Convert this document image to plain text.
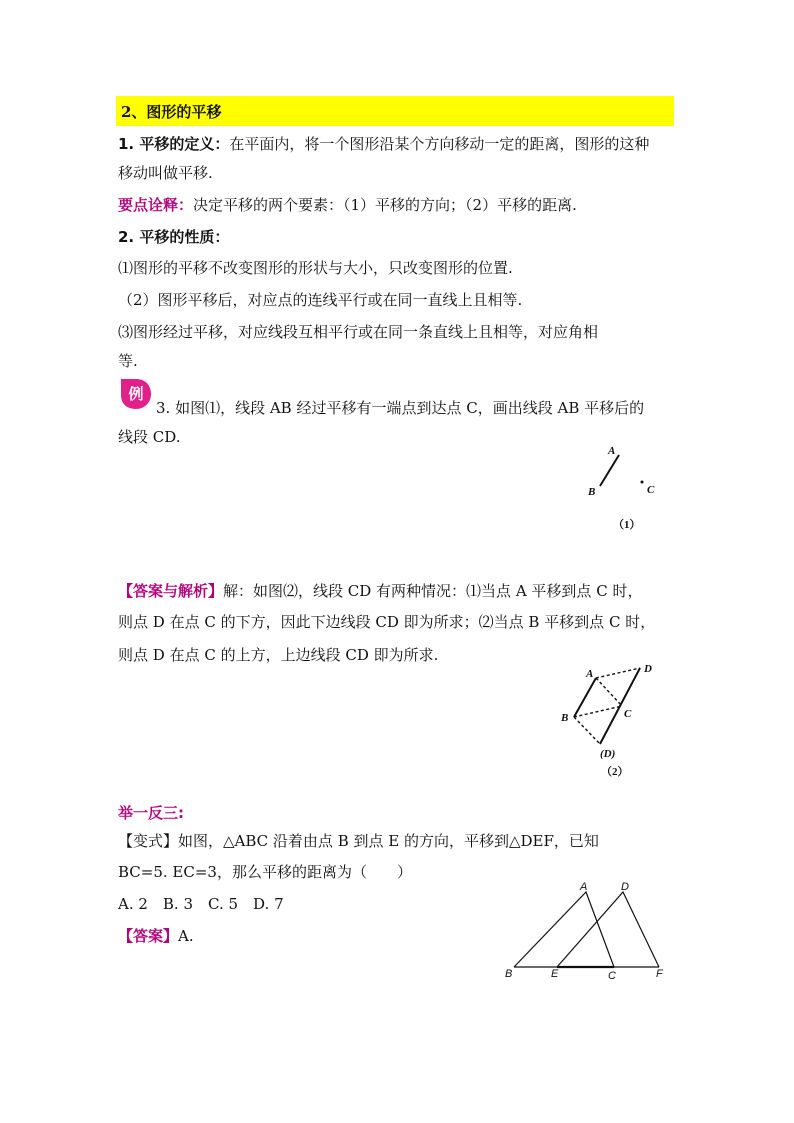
2、图形的平移
1. 平移的定义：在平面内，将一个图形沿某个方向移动一定的距离，图形的这种
移动叫做平移.
要点诠释：决定平移的两个要素：（1）平移的方向；（2）平移的距离.
2. 平移的性质：
⑴图形的平移不改变图形的形状与大小，只改变图形的位置.
（2）图形平移后，对应点的连线平行或在同一直线上且相等.
⑶图形经过平移，对应线段互相平行或在同一条直线上且相等，对应角相
等.
例
3. 如图⑴，线段 AB 经过平移有一端点到达点 C，画出线段 AB 平移后的
线段 CD.
A
B	C
（1）
【答案与解析】解：如图⑵，线段 CD 有两种情况：⑴当点 A 平移到点 C 时，
则点 D 在点 C 的下方，因此下边线段 CD 即为所求；⑵当点 B 平移到点 C 时，
则点 D 在点 C 的上方，上边线段 CD 即为所求.
A	D
B	C
(D)
（2）
举一反三:
【变式】如图，△ABC 沿着由点 B 到点 E 的方向，平移到△DEF，已知
BC=5. EC=3，那么平移的距离为（　　）
A. 2　B. 3　C. 5　D. 7
【答案】A.
A	D
B	E	C	F
